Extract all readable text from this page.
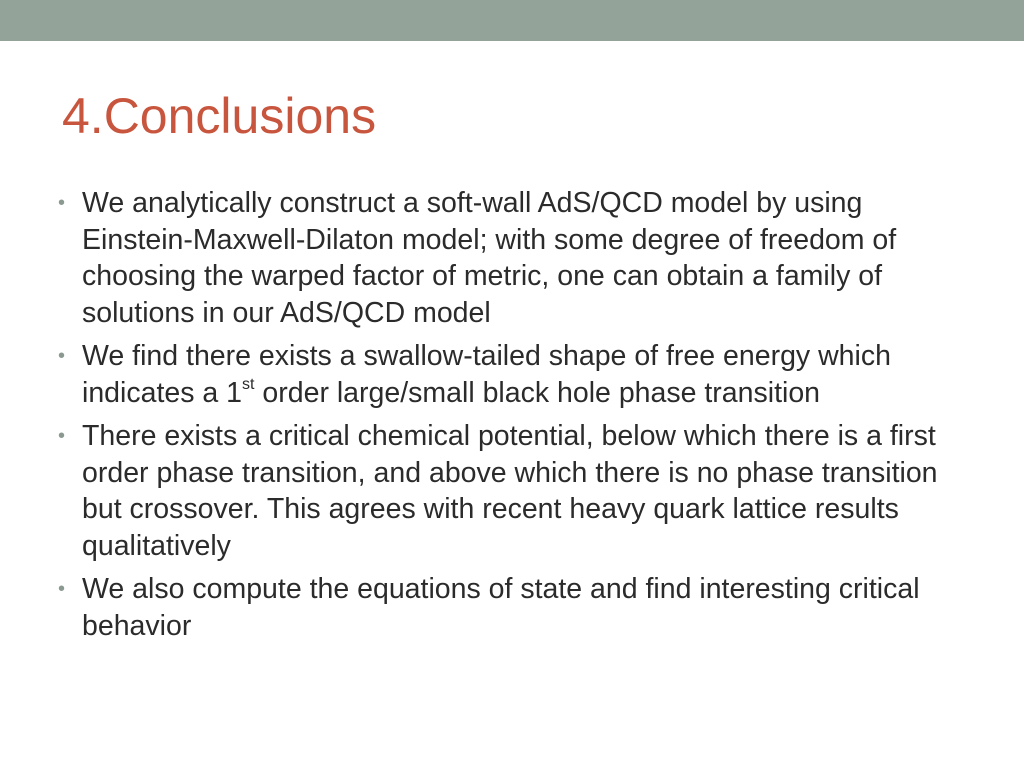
4.Conclusions
• We analytically construct a soft-wall AdS/QCD model by using Einstein-Maxwell-Dilaton model; with some degree of freedom of choosing the warped factor of metric, one can obtain a family of solutions in our AdS/QCD model
• We find there exists a swallow-tailed shape of free energy which indicates a 1st order large/small black hole phase transition
• There exists a critical chemical potential, below which there is a first order phase transition, and above which there is no phase transition but crossover. This agrees with recent heavy quark lattice results qualitatively
• We also compute the equations of state and find interesting critical behavior
